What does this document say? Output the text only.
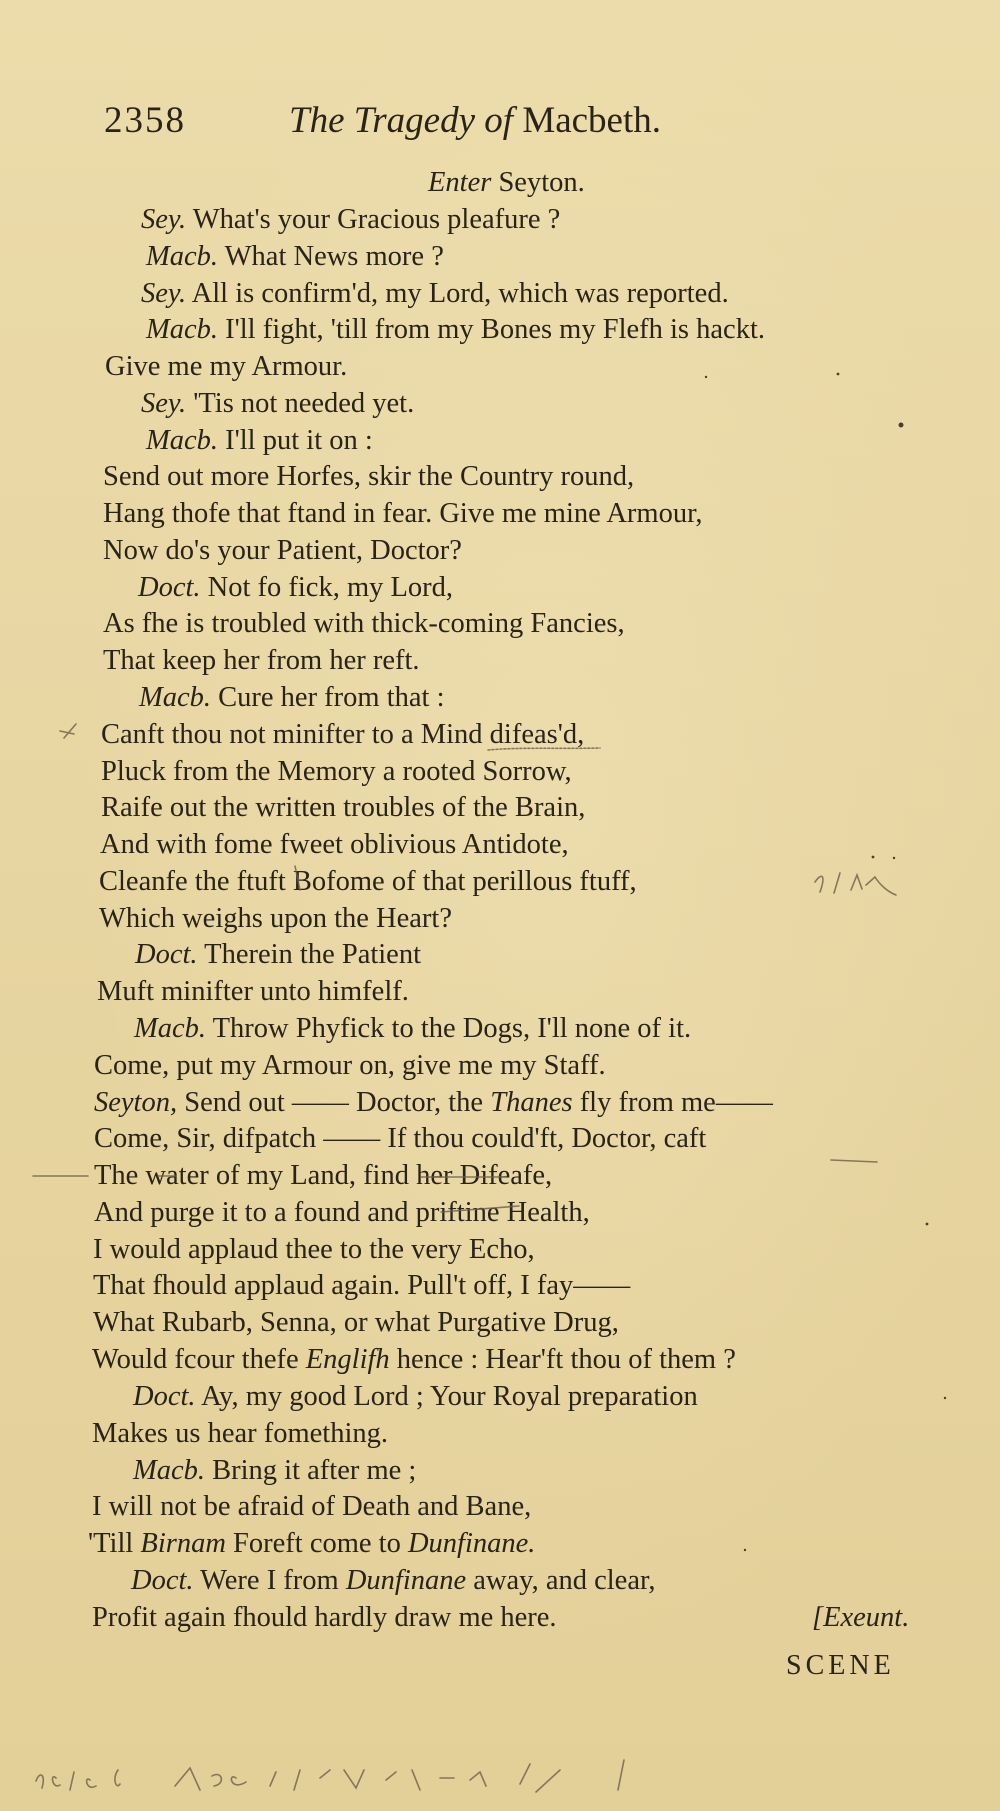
2358	The Tragedy of Macbeth.
Enter Seyton.
Sey. What's your Gracious pleafure ?
Macb. What News more ?
Sey. All is confirm'd, my Lord, which was reported.
Macb. I'll fight, 'till from my Bones my Flefh is hackt.
Give me my Armour.
Sey. 'Tis not needed yet.
Macb. I'll put it on :
Send out more Horfes, skir the Country round,
Hang thofe that ftand in fear. Give me mine Armour,
Now do's your Patient, Doctor?
Doct. Not fo fick, my Lord,
As fhe is troubled with thick-coming Fancies,
That keep her from her reft.
Macb. Cure her from that :
Canft thou not minifter to a Mind difeas'd,
Pluck from the Memory a rooted Sorrow,
Raife out the written troubles of the Brain,
And with fome fweet oblivious Antidote,
Cleanfe the ftuft Bofome of that perillous ftuff,
Which weighs upon the Heart?
Doct. Therein the Patient
Muft minifter unto himfelf.
Macb. Throw Phyfick to the Dogs, I'll none of it.
Come, put my Armour on, give me my Staff.
Seyton, Send out —— Doctor, the Thanes fly from me——
Come, Sir, difpatch —— If thou could'ft, Doctor, caft
The water of my Land, find her Difeafe,
And purge it to a found and priftine Health,
I would applaud thee to the very Echo,
That fhould applaud again. Pull't off, I fay——
What Rubarb, Senna, or what Purgative Drug,
Would fcour thefe Englifh hence : Hear'ft thou of them ?
Doct. Ay, my good Lord ; Your Royal preparation
Makes us hear fomething.
Macb. Bring it after me ;
I will not be afraid of Death and Bane,
'Till Birnam Foreft come to Dunfinane.
Doct. Were I from Dunfinane away, and clear,
Profit again fhould hardly draw me here.	[Exeunt.
SCENE
